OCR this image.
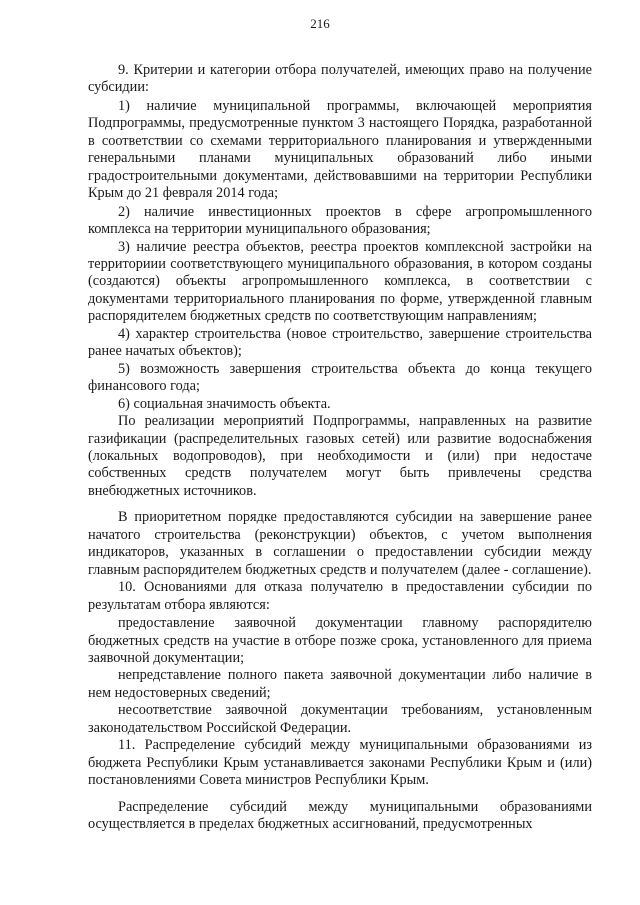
216

9. Критерии и категории отбора получателей, имеющих право на получение субсидии:

1) наличие муниципальной программы, включающей мероприятия Подпрограммы, предусмотренные пунктом 3 настоящего Порядка, разработанной в соответствии со схемами территориального планирования и утвержденными генеральными планами муниципальных образований либо иными градостроительными документами, действовавшими на территории Республики Крым до 21 февраля 2014 года;

2) наличие инвестиционных проектов в сфере агропромышленного комплекса на территории муниципального образования;

3) наличие реестра объектов, реестра проектов комплексной застройки на территориии соответствующего муниципального образования, в котором созданы (создаются) объекты агропромышленного комплекса, в соответствии с документами территориального планирования по форме, утвержденной главным распорядителем бюджетных средств по соответствующим направлениям;

4) характер строительства (новое строительство, завершение строительства ранее начатых объектов);

5) возможность завершения строительства объекта до конца текущего финансового года;

6) социальная значимость объекта.

По реализации мероприятий Подпрограммы, направленных на развитие газификации (распределительных газовых сетей) или развитие водоснабжения (локальных водопроводов), при необходимости и (или) при недостаче собственных средств получателем могут быть привлечены средства внебюджетных источников.

В приоритетном порядке предоставляются субсидии на завершение ранее начатого строительства (реконструкции) объектов, с учетом выполнения индикаторов, указанных в соглашении о предоставлении субсидии между главным распорядителем бюджетных средств и получателем (далее - соглашение).

10. Основаниями для отказа получателю в предоставлении субсидии по результатам отбора являются:

предоставление заявочной документации главному распорядителю бюджетных средств на участие в отборе позже срока, установленного для приема заявочной документации;

непредставление полного пакета заявочной документации либо наличие в нем недостоверных сведений;

несоответствие заявочной документации требованиям, установленным законодательством Российской Федерации.

11. Распределение субсидий между муниципальными образованиями из бюджета Республики Крым устанавливается законами Республики Крым и (или) постановлениями Совета министров Республики Крым.

Распределение субсидий между муниципальными образованиями осуществляется в пределах бюджетных ассигнований, предусмотренных
